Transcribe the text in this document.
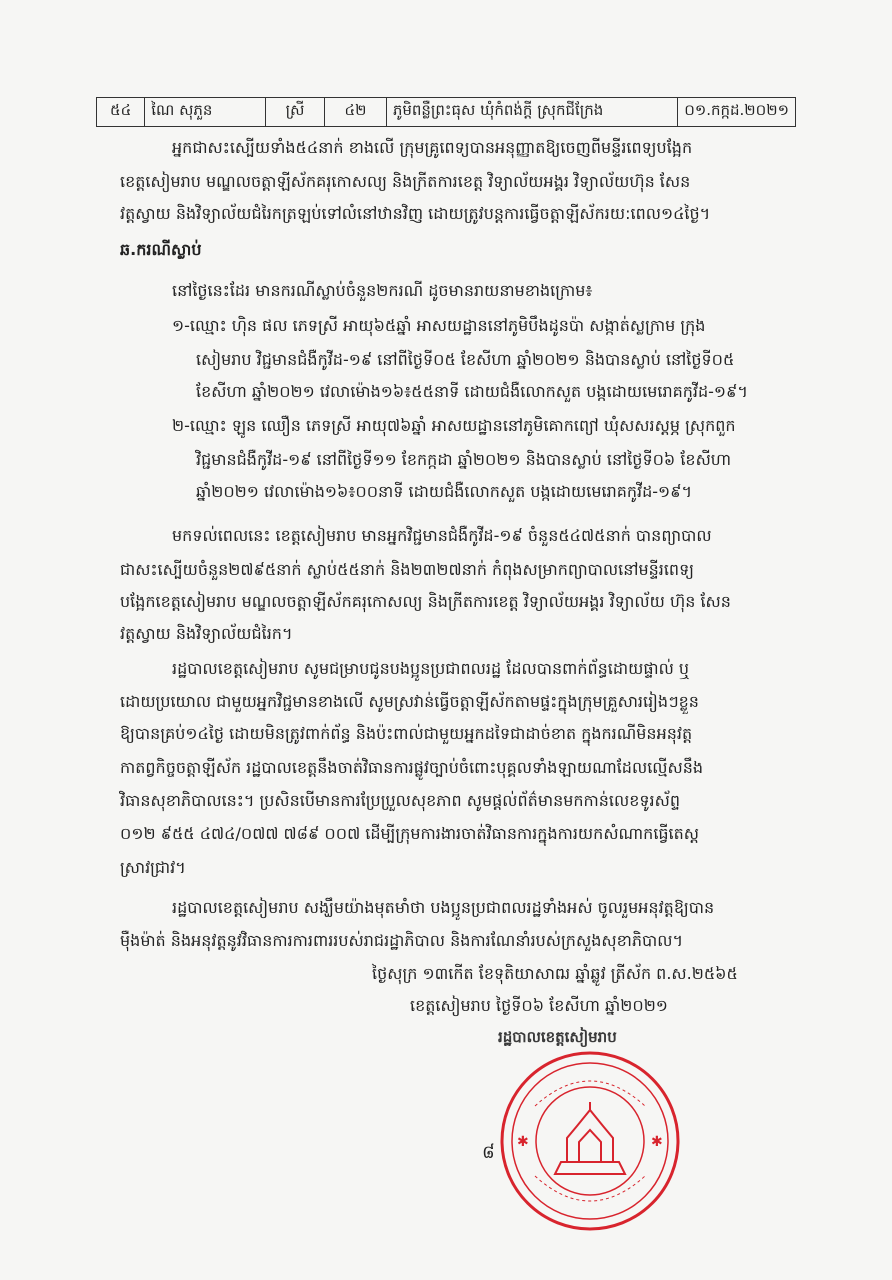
៥៤	ណៃ សុភួន	ស្រី	៤២	ភូមិពន្លឺព្រះធុស ឃុំកំពង់ក្តី ស្រុកជីក្រែង	០១.កក្កដ.២០២១
អ្នកជាសះស្បើយទាំង៥៤នាក់ ខាងលើ ក្រុមគ្រូពេទ្យបានអនុញ្ញាតឱ្យចេញពីមន្ទីរពេទ្យបង្អែក
ខេត្តសៀមរាប មណ្ឌលចត្តាឡីស័កគរុកោសល្យ និងក្រីតការខេត្ត វិទ្យាល័យអង្គរ វិទ្យាល័យហ៊ុន សែន
វត្តស្វាយ និងវិទ្យាល័យជំរៃកត្រឡប់ទៅលំនៅឋានវិញ ដោយត្រូវបន្តការធ្វើចត្តាឡីស័ករយ:ពេល១៤ថ្ងៃ។
ឆ.ករណីស្លាប់
នៅថ្ងៃនេះដែរ មានករណីស្លាប់ចំនួន២ករណី ដូចមានរាយនាមខាងក្រោម៖
១-ឈ្មោះ ហ៊ិន ផល ភេទស្រី អាយុ៦៥ឆ្នាំ អាសយដ្ឋាននៅភូមិបឹងដូនប៉ា សង្កាត់ស្លក្រាម ក្រុង
សៀមរាប វិជ្ជមានជំងឺកូវីដ-១៩ នៅពីថ្ងៃទី០៥ ខែសីហា ឆ្នាំ២០២១ និងបានស្លាប់ នៅថ្ងៃទី០៥
ខែសីហា ឆ្នាំ២០២១ វេលាម៉ោង១៦៖៥៥នាទី ដោយជំងឺលោកសួត បង្កដោយមេរោគកូវីដ-១៩។
២-ឈ្មោះ ឡូន ឈឿន ភេទស្រី អាយុ៧៦ឆ្នាំ អាសយដ្ឋាននៅភូមិគោកព្យៅ ឃុំសសរស្តម្ភ ស្រុកពួក
វិជ្ជមានជំងឺកូវីដ-១៩ នៅពីថ្ងៃទី១១ ខែកក្កដា ឆ្នាំ២០២១ និងបានស្លាប់ នៅថ្ងៃទី០៦ ខែសីហា
ឆ្នាំ២០២១ វេលាម៉ោង១៦៖០០នាទី ដោយជំងឺលោកសួត បង្កដោយមេរោគកូវីដ-១៩។
មកទល់ពេលនេះ ខេត្តសៀមរាប មានអ្នកវិជ្ជមានជំងឺកូវីដ-១៩ ចំនួន៥៤៧៥នាក់ បានព្យាបាល
ជាសះស្បើយចំនួន២៧៩៥នាក់ ស្លាប់៥៥នាក់ និង២៣២៧នាក់ កំពុងសម្រាកព្យាបាលនៅមន្ទីរពេទ្យ
បង្អែកខេត្តសៀមរាប មណ្ឌលចត្តាឡីស័កគរុកោសល្យ និងក្រីតការខេត្ត វិទ្យាល័យអង្គរ វិទ្យាល័យ ហ៊ុន សែន
វត្តស្វាយ និងវិទ្យាល័យជំរៃក។
រដ្ឋបាលខេត្តសៀមរាប សូមជម្រាបជូនបងប្អូនប្រជាពលរដ្ឋ ដែលបានពាក់ព័ន្ធដោយផ្ទាល់ ឬ
ដោយប្រយោល ជាមួយអ្នកវិជ្ជមានខាងលើ សូមស្រវាន់ធ្វើចត្តាឡីស័កតាមផ្ទះក្នុងក្រុមគ្រួសាររៀងៗខ្លួន
ឱ្យបានគ្រប់១៤ថ្ងៃ ដោយមិនត្រូវពាក់ព័ន្ធ និងប៉ះពាល់ជាមួយអ្នកដទៃជាដាច់ខាត ក្នុងករណីមិនអនុវត្ត
កាតព្វកិច្ចចត្តាឡីស័ក រដ្ឋបាលខេត្តនឹងចាត់វិធានការផ្លូវច្បាប់ចំពោះបុគ្គលទាំងឡាយណាដែលល្មើសនឹង
វិធានសុខាភិបាលនេះ។ ប្រសិនបើមានការប្រែប្រួលសុខភាព សូមផ្តល់ព័ត៌មានមកកាន់លេខទូរស័ព្ទ
០១២ ៩៥៥ ៤៧៤/០៧៧ ៧៨៩ ០០៧ ដើម្បីក្រុមការងារចាត់វិធានការក្នុងការយកសំណាកធ្វើតេស្ត
ស្រាវជ្រាវ។
រដ្ឋបាលខេត្តសៀមរាប សង្ឃឹមយ៉ាងមុតមាំថា បងប្អូនប្រជាពលរដ្ឋទាំងអស់ ចូលរួមអនុវត្តឱ្យបាន
ម៉ឺងម៉ាត់ និងអនុវត្តនូវវិធានការការពាររបស់រាជរដ្ឋាភិបាល និងការណែនាំរបស់ក្រសួងសុខាភិបាល។
ថ្ងៃសុក្រ ១៣កើត ខែទុតិយាសាឍ ឆ្នាំឆ្លូវ ត្រីស័ក ព.ស.២៥៦៥
ខេត្តសៀមរាប ថ្ងៃទី០៦ ខែសីហា ឆ្នាំ២០២១
រដ្ឋបាលខេត្តសៀមរាប
✱	✱
៨
